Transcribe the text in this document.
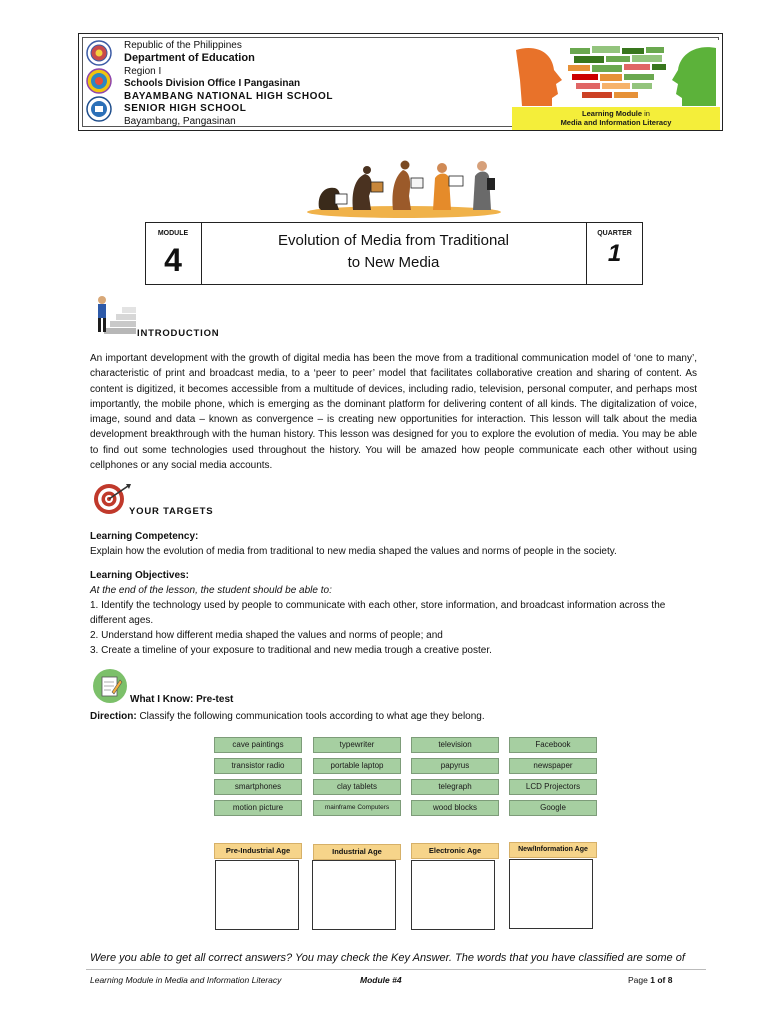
Republic of the Philippines
Department of Education
Region I
Schools Division Office I Pangasinan
BAYAMBANG NATIONAL HIGH SCHOOL
SENIOR HIGH SCHOOL
Bayambang, Pangasinan
Learning Module in
Media and Information Literacy
MODULE
4
Evolution of Media from Traditional
to New Media
QUARTER
1
INTRODUCTION
An important development with the growth of digital media has been the move from a traditional communication model of ‘one to many’, characteristic of print and broadcast media, to a ‘peer to peer’ model that facilitates collaborative creation and sharing of content. As content is digitized, it becomes accessible from a multitude of devices, including radio, television, personal computer, and perhaps most importantly, the mobile phone, which is emerging as the dominant platform for delivering content of all kinds. The digitalization of voice, image, sound and data – known as convergence – is creating new opportunities for interaction. This lesson will talk about the media development breakthrough with the human history. This lesson was designed for you to explore the evolution of media. You may be able to find out some technologies used throughout the history. You will be amazed how people communicate each other without using cellphones or any social media accounts.
YOUR TARGETS
Learning Competency:
Explain how the evolution of media from traditional to new media shaped the values and norms of people in the society.
Learning Objectives:
At the end of the lesson, the student should be able to:
1. Identify the technology used by people to communicate with each other, store information, and broadcast information across the
different ages.
2. Understand how different media shaped the values and norms of people; and
3. Create a timeline of your exposure to traditional and new media trough a creative poster.
What I Know: Pre-test
Direction: Classify the following communication tools according to what age they belong.
cave paintings	typewriter	television	Facebook
transistor radio	portable laptop	papyrus	newspaper
smartphones	clay tablets	telegraph	LCD Projectors
motion picture	mainframe Computers	wood blocks	Google
Pre-Industrial Age	Industrial Age	Electronic Age	New/Information Age
Were you able to get all correct answers? You may check the Key Answer. The words that you have classified are some of
Learning Module in Media and Information Literacy	Module #4	Page 1 of 8
